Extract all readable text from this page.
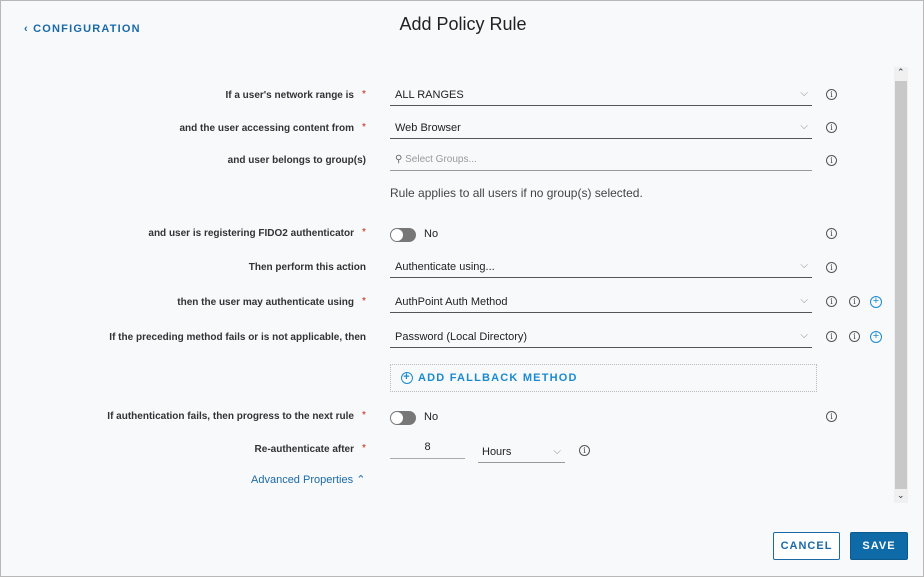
‹ CONFIGURATION	Add Policy Rule
If a user's network range is *	ALL RANGES	⌵	i
and the user accessing content from *	Web Browser	⌵	i
and user belongs to group(s)	⚲ Select Groups...	i
Rule applies to all users if no group(s) selected.
and user is registering FIDO2 authenticator *	No	i
Then perform this action	Authenticate using...	⌵	i
then the user may authenticate using *	AuthPoint Auth Method	⌵	i	i	+
If the preceding method fails or is not applicable, then	Password (Local Directory)	⌵	i	i	+
+ ADD FALLBACK METHOD
If authentication fails, then progress to the next rule *	No	i
Re-authenticate after *	8	Hours	⌵	i
Advanced Properties ⌃
⌃
⌄
CANCEL	SAVE
